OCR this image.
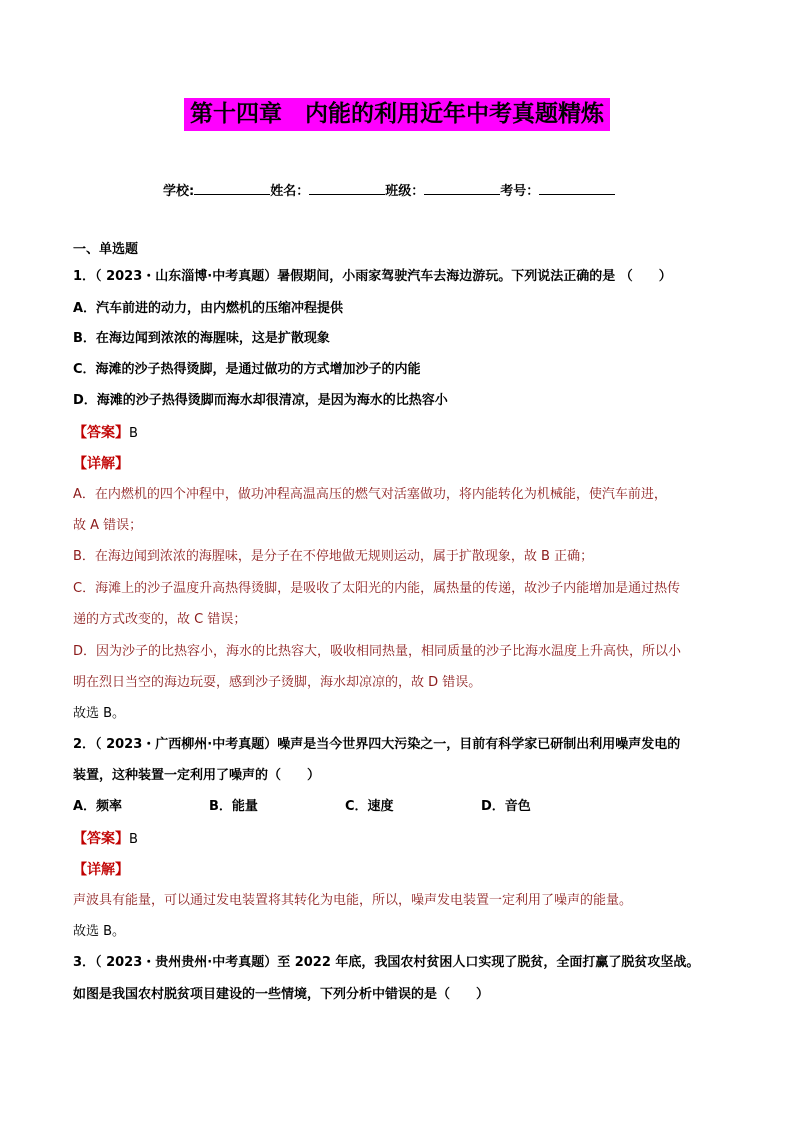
第十四章　内能的利用近年中考真题精炼
学校:	姓名：	班级：	考号：
一、单选题
1．（ 2023・山东淄博·中考真题）暑假期间，小雨家驾驶汽车去海边游玩。下列说法正确的是 （　　）
A．汽车前进的动力，由内燃机的压缩冲程提供
B．在海边闻到浓浓的海腥味，这是扩散现象
C．海滩的沙子热得烫脚，是通过做功的方式增加沙子的内能
D．海滩的沙子热得烫脚而海水却很清凉，是因为海水的比热容小
【答案】B
【详解】
A．在内燃机的四个冲程中，做功冲程高温高压的燃气对活塞做功，将内能转化为机械能，使汽车前进，
故 A 错误；
B．在海边闻到浓浓的海腥味，是分子在不停地做无规则运动，属于扩散现象，故 B 正确；
C．海滩上的沙子温度升高热得烫脚，是吸收了太阳光的内能，属热量的传递，故沙子内能增加是通过热传
递的方式改变的，故 C 错误；
D．因为沙子的比热容小，海水的比热容大，吸收相同热量，相同质量的沙子比海水温度上升高快，所以小
明在烈日当空的海边玩耍，感到沙子烫脚，海水却凉凉的，故 D 错误。
故选 B。
2．（ 2023・广西柳州·中考真题）噪声是当今世界四大污染之一，目前有科学家已研制出利用噪声发电的
装置，这种装置一定利用了噪声的（　　）
A．频率	B．能量	C．速度	D．音色
【答案】B
【详解】
声波具有能量，可以通过发电装置将其转化为电能，所以，噪声发电装置一定利用了噪声的能量。
故选 B。
3．（ 2023・贵州贵州·中考真题）至 2022 年底，我国农村贫困人口实现了脱贫，全面打赢了脱贫攻坚战。
如图是我国农村脱贫项目建设的一些情境，下列分析中错误的是（　　）
